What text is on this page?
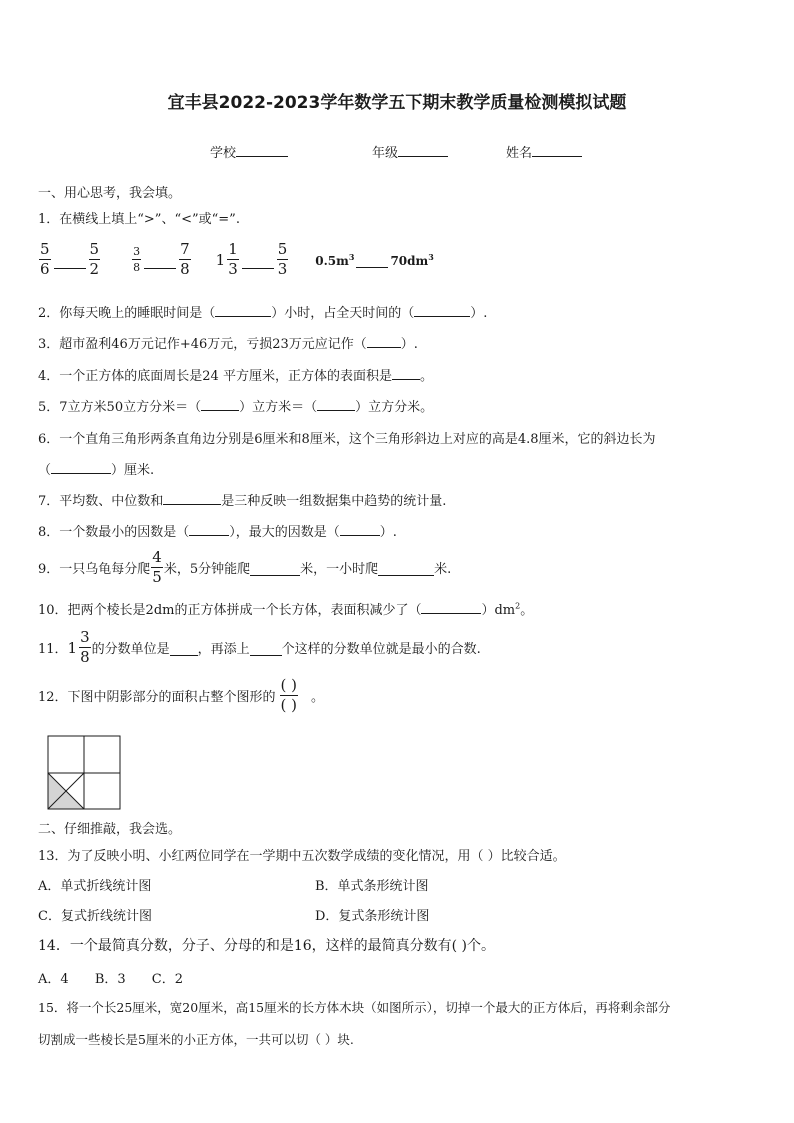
宜丰县2022-2023学年数学五下期末教学质量检测模拟试题
学校	年级	姓名
一、用心思考，我会填。
1．在横线上填上“>”、“<”或“=”.
$\frac{5}{6}$	$\frac{5}{2}$	$\frac{3}{8}$	$\frac{7}{8} 1 \frac{1}{3}$	$\frac{5}{3} 0.5m^3$	$70dm^3$
2．你每天晚上的睡眠时间是（	）小时，占全天时间的（	）.
3．超市盈利46万元记作+46万元，亏损23万元应记作（	）.
4．一个正方体的底面周长是24 平方厘米，正方体的表面积是 。
5．7立方米50立方分米＝（	）立方米＝（	）立方分米。
6．一个直角三角形两条直角边分别是6厘米和8厘米，这个三角形斜边上对应的高是4.8厘米，它的斜边长为
（	）厘米.
7．平均数、中位数和	是三种反映一组数据集中趋势的统计量.
8．一个数最小的因数是（	），最大的因数是（	）.
9．一只乌龟每分爬 $\frac{4}{5}$ 米，5分钟能爬	米，一小时爬	米.
10．把两个棱长是2dm的正方体拼成一个长方体，表面积减少了（	）$dm^2$。
11． $1 \frac{3}{8}$ 的分数单位是 ，再添上 个这样的分数单位就是最小的合数.
12．下图中阴影部分的面积占整个图形的 $\frac{( )}{( )}$ 。
二、仔细推敲，我会选。
13．为了反映小明、小红两位同学在一学期中五次数学成绩的变化情况，用（ ）比较合适。
A．单式折线统计图	B．单式条形统计图
C．复式折线统计图	D．复式条形统计图
14．一个最简真分数，分子、分母的和是16，这样的最简真分数有( )个。
A．4 B．3 C．2
15．将一个长25厘米，宽20厘米，高15厘米的长方体木块（如图所示），切掉一个最大的正方体后，再将剩余部分
切割成一些棱长是5厘米的小正方体，一共可以切（ ）块.
